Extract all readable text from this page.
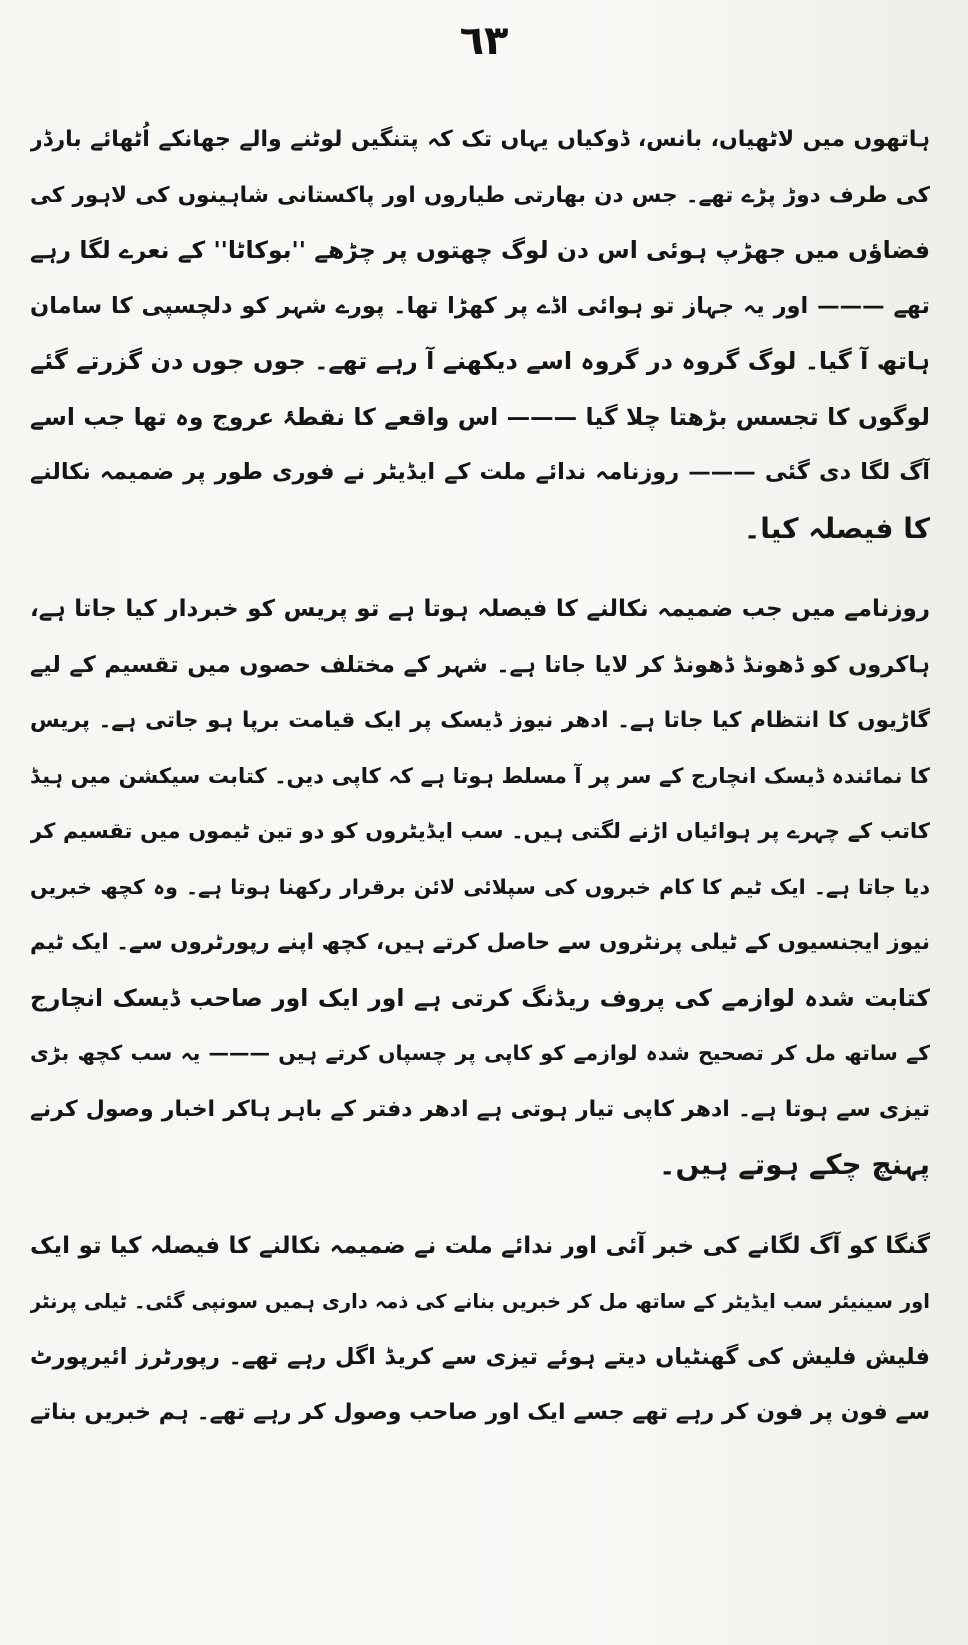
٦٣
ہاتھوں میں لاٹھیاں، بانس، ڈوکیاں یہاں تک کہ پتنگیں لوٹنے والے جھانکے اُٹھائے بارڈر
کی طرف دوڑ پڑے تھے۔ جس دن بھارتی طیاروں اور پاکستانی شاہینوں کی لاہور کی
فضاؤں میں جھڑپ ہوئی اس دن لوگ چھتوں پر چڑھے ''بوکاٹا'' کے نعرے لگا رہے
تھے ——— اور یہ جہاز تو ہوائی اڈے پر کھڑا تھا۔ پورے شہر کو دلچسپی کا سامان
ہاتھ آ گیا۔ لوگ گروہ در گروہ اسے دیکھنے آ رہے تھے۔ جوں جوں دن گزرتے گئے
لوگوں کا تجسس بڑھتا چلا گیا ——— اس واقعے کا نقطۂ عروج وہ تھا جب اسے
آگ لگا دی گئی ——— روزنامہ ندائے ملت کے ایڈیٹر نے فوری طور پر ضمیمہ نکالنے
کا فیصلہ کیا۔
روزنامے میں جب ضمیمہ نکالنے کا فیصلہ ہوتا ہے تو پریس کو خبردار کیا جاتا ہے،
ہاکروں کو ڈھونڈ ڈھونڈ کر لایا جاتا ہے۔ شہر کے مختلف حصوں میں تقسیم کے لیے
گاڑیوں کا انتظام کیا جاتا ہے۔ ادھر نیوز ڈیسک پر ایک قیامت برپا ہو جاتی ہے۔ پریس
کا نمائندہ ڈیسک انچارج کے سر پر آ مسلط ہوتا ہے کہ کاپی دیں۔ کتابت سیکشن میں ہیڈ
کاتب کے چہرے پر ہوائیاں اڑنے لگتی ہیں۔ سب ایڈیٹروں کو دو تین ٹیموں میں تقسیم کر
دیا جاتا ہے۔ ایک ٹیم کا کام خبروں کی سپلائی لائن برقرار رکھنا ہوتا ہے۔ وہ کچھ خبریں
نیوز ایجنسیوں کے ٹیلی پرنٹروں سے حاصل کرتے ہیں، کچھ اپنے رپورٹروں سے۔ ایک ٹیم
کتابت شدہ لوازمے کی پروف ریڈنگ کرتی ہے اور ایک اور صاحب ڈیسک انچارج
کے ساتھ مل کر تصحیح شدہ لوازمے کو کاپی پر چسپاں کرتے ہیں ——— یہ سب کچھ بڑی
تیزی سے ہوتا ہے۔ ادھر کاپی تیار ہوتی ہے ادھر دفتر کے باہر ہاکر اخبار وصول کرنے
پہنچ چکے ہوتے ہیں۔
گنگا کو آگ لگانے کی خبر آئی اور ندائے ملت نے ضمیمہ نکالنے کا فیصلہ کیا تو ایک
اور سینیئر سب ایڈیٹر کے ساتھ مل کر خبریں بنانے کی ذمہ داری ہمیں سونپی گئی۔ ٹیلی پرنٹر
فلیش فلیش کی گھنٹیاں دیتے ہوئے تیزی سے کریڈ اگل رہے تھے۔ رپورٹرز ائیرپورٹ
سے فون پر فون کر رہے تھے جسے ایک اور صاحب وصول کر رہے تھے۔ ہم خبریں بناتے
